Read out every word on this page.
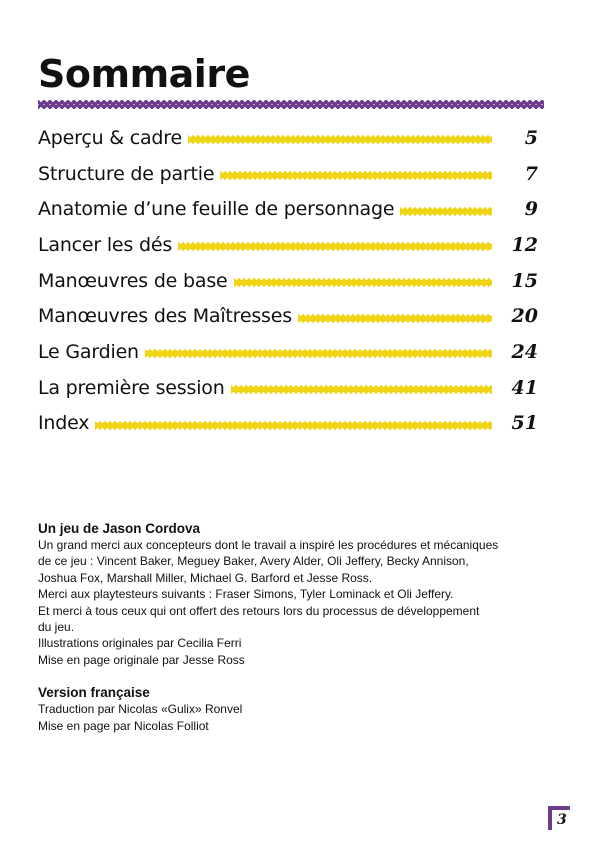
Sommaire
Aperçu & cadre	5
Structure de partie	7
Anatomie d’une feuille de personnage	9
Lancer les dés	12
Manœuvres de base	15
Manœuvres des Maîtresses	20
Le Gardien	24
La première session	41
Index	51
Un jeu de Jason Cordova

Un grand merci aux concepteurs dont le travail a inspiré les procédures et mécaniques

de ce jeu : Vincent Baker, Meguey Baker, Avery Alder, Oli Jeffery, Becky Annison,

Joshua Fox, Marshall Miller, Michael G. Barford et Jesse Ross.

Merci aux playtesteurs suivants : Fraser Simons, Tyler Lominack et Oli Jeffery.

Et merci à tous ceux qui ont offert des retours lors du processus de développement

du jeu.

Illustrations originales par Cecilia Ferri

Mise en page originale par Jesse Ross

Version française

Traduction par Nicolas «Gulix» Ronvel

Mise en page par Nicolas Folliot

3
